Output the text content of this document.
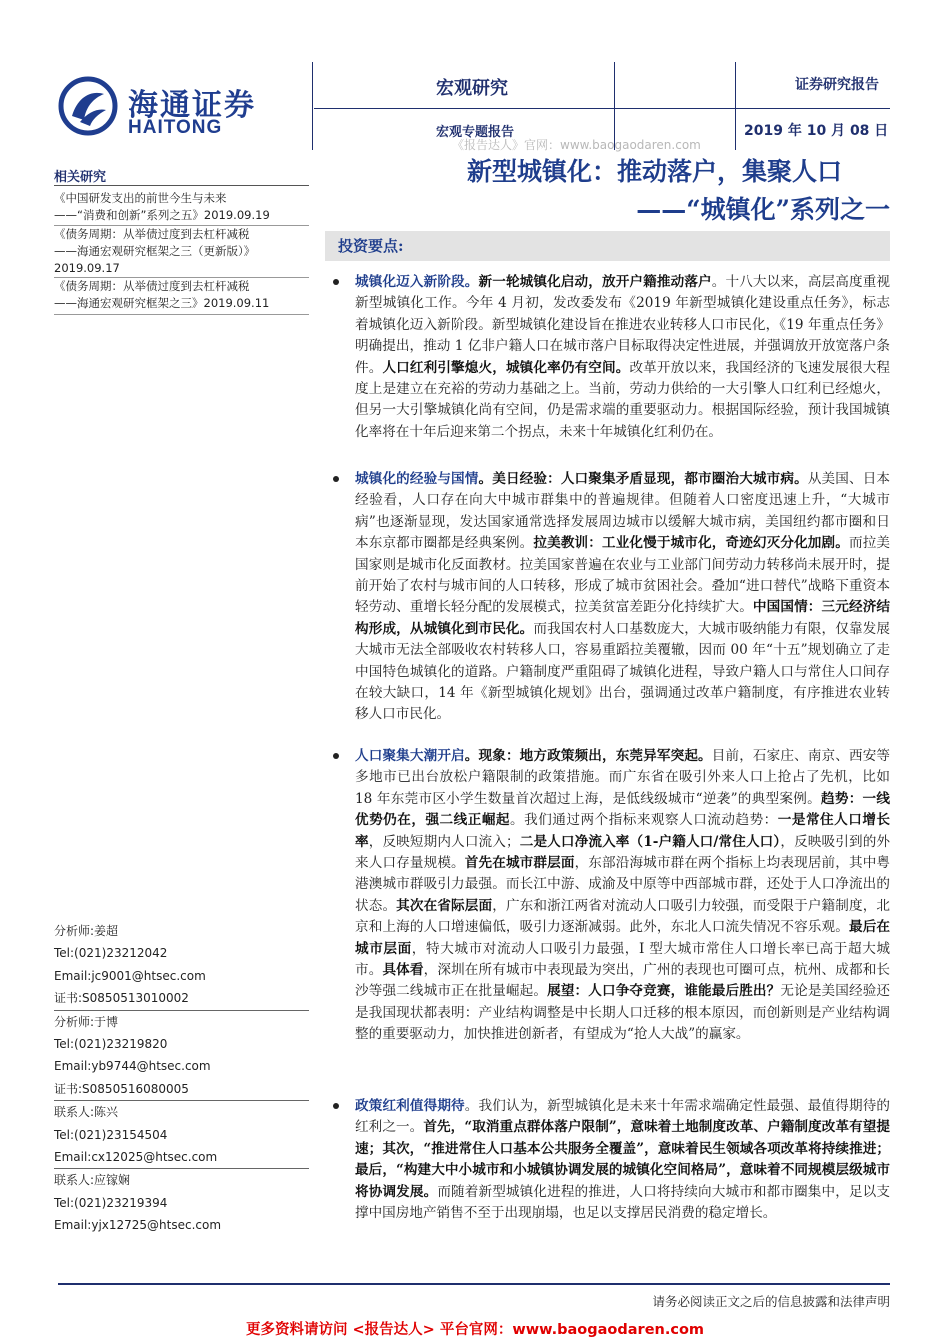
海通证券
HAITONG
宏观研究	证券研究报告
宏观专题报告	2019 年 10 月 08 日
《报告达人》官网：www.baogaodaren.com
新型城镇化：推动落户，集聚人口
——“城镇化”系列之一
相关研究
《中国研发支出的前世今生与未来
——“消费和创新”系列之五》2019.09.19
《债务周期：从举债过度到去杠杆减税
——海通宏观研究框架之三（更新版）》
2019.09.17
《债务周期：从举债过度到去杠杆减税
——海通宏观研究框架之三》2019.09.11
分析师:姜超
Tel:(021)23212042
Email:jc9001@htsec.com
证书:S0850513010002
分析师:于博
Tel:(021)23219820
Email:yb9744@htsec.com
证书:S0850516080005
联系人:陈兴
Tel:(021)23154504
Email:cx12025@htsec.com
联系人:应镓娴
Tel:(021)23219394
Email:yjx12725@htsec.com
投资要点:
城镇化迈入新阶段。新一轮城镇化启动，放开户籍推动落户。十八大以来，高层高度重视新型城镇化工作。今年 4 月初，发改委发布《2019 年新型城镇化建设重点任务》，标志着城镇化迈入新阶段。新型城镇化建设旨在推进农业转移人口市民化，《19 年重点任务》明确提出，推动 1 亿非户籍人口在城市落户目标取得决定性进展，并强调放开放宽落户条件。人口红利引擎熄火，城镇化率仍有空间。改革开放以来，我国经济的飞速发展很大程度上是建立在充裕的劳动力基础之上。当前，劳动力供给的一大引擎人口红利已经熄火，但另一大引擎城镇化尚有空间，仍是需求端的重要驱动力。根据国际经验，预计我国城镇化率将在十年后迎来第二个拐点，未来十年城镇化红利仍在。
城镇化的经验与国情。美日经验：人口聚集矛盾显现，都市圈治大城市病。从美国、日本经验看，人口存在向大中城市群集中的普遍规律。但随着人口密度迅速上升，“大城市病”也逐渐显现，发达国家通常选择发展周边城市以缓解大城市病，美国纽约都市圈和日本东京都市圈都是经典案例。拉美教训：工业化慢于城市化，奇迹幻灭分化加剧。而拉美国家则是城市化反面教材。拉美国家普遍在农业与工业部门间劳动力转移尚未展开时，提前开始了农村与城市间的人口转移，形成了城市贫困社会。叠加“进口替代”战略下重资本轻劳动、重增长轻分配的发展模式，拉美贫富差距分化持续扩大。中国国情：三元经济结构形成，从城镇化到市民化。而我国农村人口基数庞大，大城市吸纳能力有限，仅靠发展大城市无法全部吸收农村转移人口，容易重蹈拉美覆辙，因而 00 年“十五”规划确立了走中国特色城镇化的道路。户籍制度严重阻碍了城镇化进程，导致户籍人口与常住人口间存在较大缺口，14 年《新型城镇化规划》出台，强调通过改革户籍制度，有序推进农业转移人口市民化。
人口聚集大潮开启。现象：地方政策频出，东莞异军突起。目前，石家庄、南京、西安等多地市已出台放松户籍限制的政策措施。而广东省在吸引外来人口上抢占了先机，比如 18 年东莞市区小学生数量首次超过上海，是低线级城市“逆袭”的典型案例。趋势：一线优势仍在，强二线正崛起。我们通过两个指标来观察人口流动趋势：一是常住人口增长率，反映短期内人口流入；二是人口净流入率（1-户籍人口/常住人口），反映吸引到的外来人口存量规模。首先在城市群层面，东部沿海城市群在两个指标上均表现居前，其中粤港澳城市群吸引力最强。而长江中游、成渝及中原等中西部城市群，还处于人口净流出的状态。其次在省际层面，广东和浙江两省对流动人口吸引力较强，而受限于户籍制度，北京和上海的人口增速偏低，吸引力逐渐减弱。此外，东北人口流失情况不容乐观。最后在城市层面，特大城市对流动人口吸引力最强，I 型大城市常住人口增长率已高于超大城市。具体看，深圳在所有城市中表现最为突出，广州的表现也可圈可点，杭州、成都和长沙等强二线城市正在批量崛起。展望：人口争夺竞赛，谁能最后胜出？无论是美国经验还是我国现状都表明：产业结构调整是中长期人口迁移的根本原因，而创新则是产业结构调整的重要驱动力，加快推进创新者，有望成为“抢人大战”的赢家。
政策红利值得期待。我们认为，新型城镇化是未来十年需求端确定性最强、最值得期待的红利之一。首先，“取消重点群体落户限制”，意味着土地制度改革、户籍制度改革有望提速；其次，“推进常住人口基本公共服务全覆盖”，意味着民生领域各项改革将持续推进；最后，“构建大中小城市和小城镇协调发展的城镇化空间格局”，意味着不同规模层级城市将协调发展。而随着新型城镇化进程的推进，人口将持续向大城市和都市圈集中，足以支撑中国房地产销售不至于出现崩塌，也足以支撑居民消费的稳定增长。
请务必阅读正文之后的信息披露和法律声明
更多资料请访问 <报告达人> 平台官网：www.baogaodaren.com
